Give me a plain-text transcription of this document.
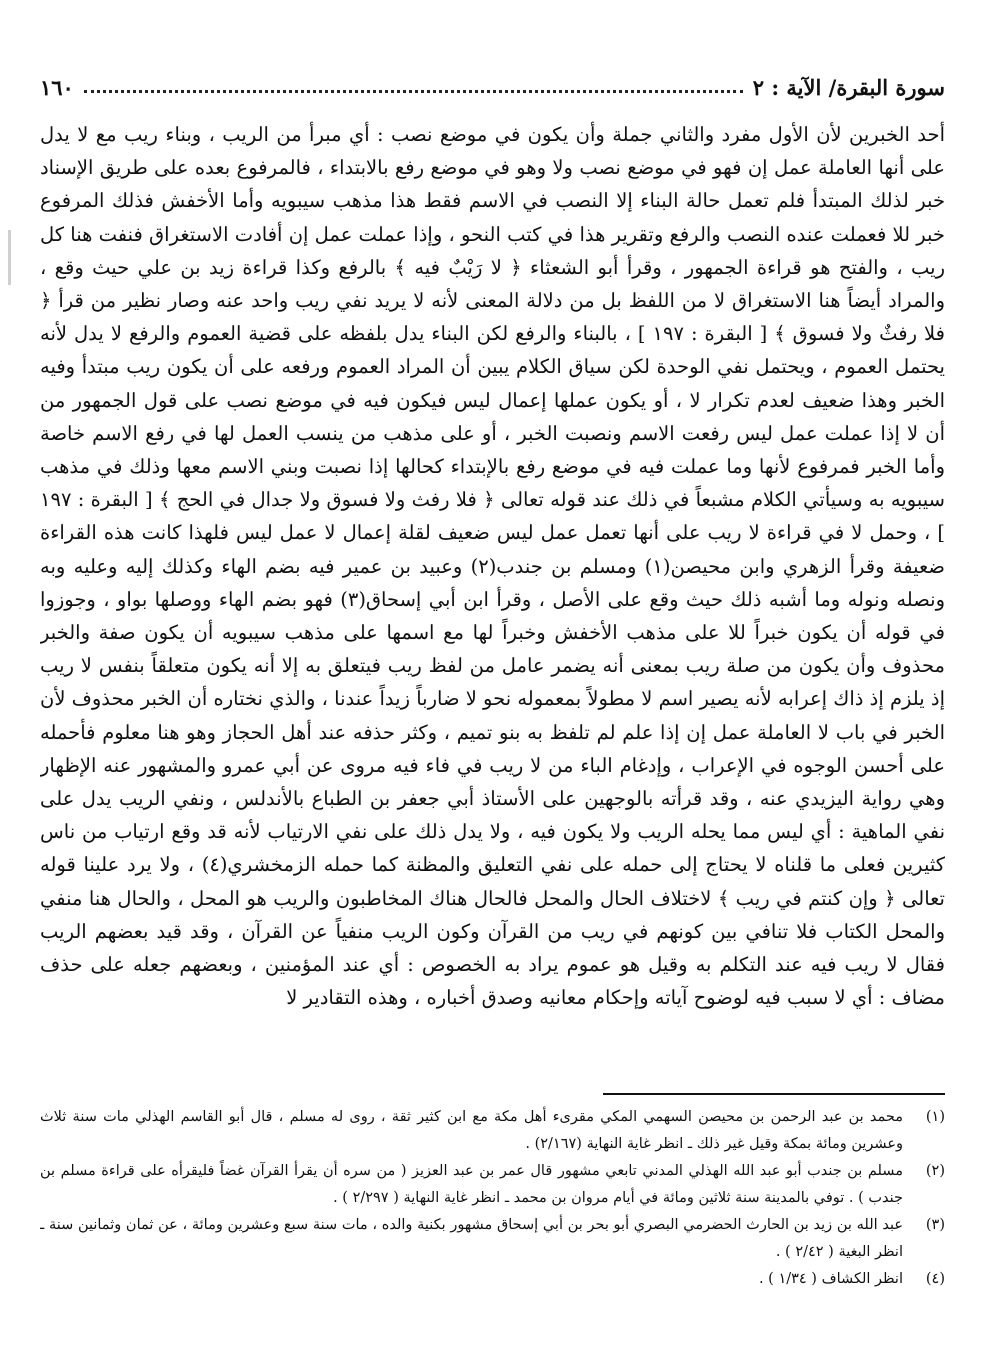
سورة البقرة/ الآية : ٢
١٦٠

أحد الخبرين لأن الأول مفرد والثاني جملة وأن يكون في موضع نصب : أي مبرأ من الريب ، وبناء ريب مع لا يدل على أنها العاملة عمل إن فهو في موضع نصب ولا وهو في موضع رفع بالابتداء ، فالمرفوع بعده على طريق الإسناد خبر لذلك المبتدأ فلم تعمل حالة البناء إلا النصب في الاسم فقط هذا مذهب سيبويه وأما الأخفش فذلك المرفوع خبر للا فعملت عنده النصب والرفع وتقرير هذا في كتب النحو ، وإذا عملت عمل إن أفادت الاستغراق فنفت هنا كل ريب ، والفتح هو قراءة الجمهور ، وقرأ أبو الشعثاء ﴿ لا رَيْبٌ فيه ﴾ بالرفع وكذا قراءة زيد بن علي حيث وقع ، والمراد أيضاً هنا الاستغراق لا من اللفظ بل من دلالة المعنى لأنه لا يريد نفي ريب واحد عنه وصار نظير من قرأ ﴿ فلا رفثٌ ولا فسوق ﴾ [ البقرة : ١٩٧ ] ، بالبناء والرفع لكن البناء يدل بلفظه على قضية العموم والرفع لا يدل لأنه يحتمل العموم ، ويحتمل نفي الوحدة لكن سياق الكلام يبين أن المراد العموم ورفعه على أن يكون ريب مبتدأ وفيه الخبر وهذا ضعيف لعدم تكرار لا ، أو يكون عملها إعمال ليس فيكون فيه في موضع نصب على قول الجمهور من أن لا إذا عملت عمل ليس رفعت الاسم ونصبت الخبر ، أو على مذهب من ينسب العمل لها في رفع الاسم خاصة وأما الخبر فمرفوع لأنها وما عملت فيه في موضع رفع بالإبتداء كحالها إذا نصبت وبني الاسم معها وذلك في مذهب سيبويه به وسيأتي الكلام مشبعاً في ذلك عند قوله تعالى ﴿ فلا رفث ولا فسوق ولا جدال في الحج ﴾ [ البقرة : ١٩٧ ] ، وحمل لا في قراءة لا ريب على أنها تعمل عمل ليس ضعيف لقلة إعمال لا عمل ليس فلهذا كانت هذه القراءة ضعيفة وقرأ الزهري وابن محيصن(١) ومسلم بن جندب(٢) وعبيد بن عمير فيه بضم الهاء وكذلك إليه وعليه وبه ونصله ونوله وما أشبه ذلك حيث وقع على الأصل ، وقرأ ابن أبي إسحاق(٣) فهو بضم الهاء ووصلها بواو ، وجوزوا في قوله أن يكون خبراً للا على مذهب الأخفش وخبراً لها مع اسمها على مذهب سيبويه أن يكون صفة والخبر محذوف وأن يكون من صلة ريب بمعنى أنه يضمر عامل من لفظ ريب فيتعلق به إلا أنه يكون متعلقاً بنفس لا ريب إذ يلزم إذ ذاك إعرابه لأنه يصير اسم لا مطولاً بمعموله نحو لا ضارباً زيداً عندنا ، والذي نختاره أن الخبر محذوف لأن الخبر في باب لا العاملة عمل إن إذا علم لم تلفظ به بنو تميم ، وكثر حذفه عند أهل الحجاز وهو هنا معلوم فأحمله على أحسن الوجوه في الإعراب ، وإدغام الباء من لا ريب في فاء فيه مروى عن أبي عمرو والمشهور عنه الإظهار وهي رواية اليزيدي عنه ، وقد قرأته بالوجهين على الأستاذ أبي جعفر بن الطباع بالأندلس ، ونفي الريب يدل على نفي الماهية : أي ليس مما يحله الريب ولا يكون فيه ، ولا يدل ذلك على نفي الارتياب لأنه قد وقع ارتياب من ناس كثيرين فعلى ما قلناه لا يحتاج إلى حمله على نفي التعليق والمظنة كما حمله الزمخشري(٤) ، ولا يرد علينا قوله تعالى ﴿ وإن كنتم في ريب ﴾ لاختلاف الحال والمحل فالحال هناك المخاطبون والريب هو المحل ، والحال هنا منفي والمحل الكتاب فلا تنافي بين كونهم في ريب من القرآن وكون الريب منفياً عن القرآن ، وقد قيد بعضهم الريب فقال لا ريب فيه عند التكلم به وقيل هو عموم يراد به الخصوص : أي عند المؤمنين ، وبعضهم جعله على حذف مضاف : أي لا سبب فيه لوضوح آياته وإحكام معانيه وصدق أخباره ، وهذه التقادير لا

(١)
محمد بن عبد الرحمن بن محيصن السهمي المكي مقرىء أهل مكة مع ابن كثير ثقة ، روى له مسلم ، قال أبو القاسم الهذلي مات سنة ثلاث وعشرين ومائة بمكة وقيل غير ذلك ـ انظر غاية النهاية (٢/١٦٧) .
(٢)
مسلم بن جندب أبو عبد الله الهذلي المدني تابعي مشهور قال عمر بن عبد العزيز ( من سره أن يقرأ القرآن غضاً فليقرأه على قراءة مسلم بن جندب ) . توفي بالمدينة سنة ثلاثين ومائة في أيام مروان بن محمد ـ انظر غاية النهاية ( ٢/٢٩٧ ) .
(٣)
عبد الله بن زيد بن الحارث الحضرمي البصري أبو بحر بن أبي إسحاق مشهور بكنية والده ، مات سنة سبع وعشرين ومائة ، عن ثمان وثمانين سنة ـ انظر البغية ( ٢/٤٢ ) .
(٤)
انظر الكشاف ( ١/٣٤ ) .
